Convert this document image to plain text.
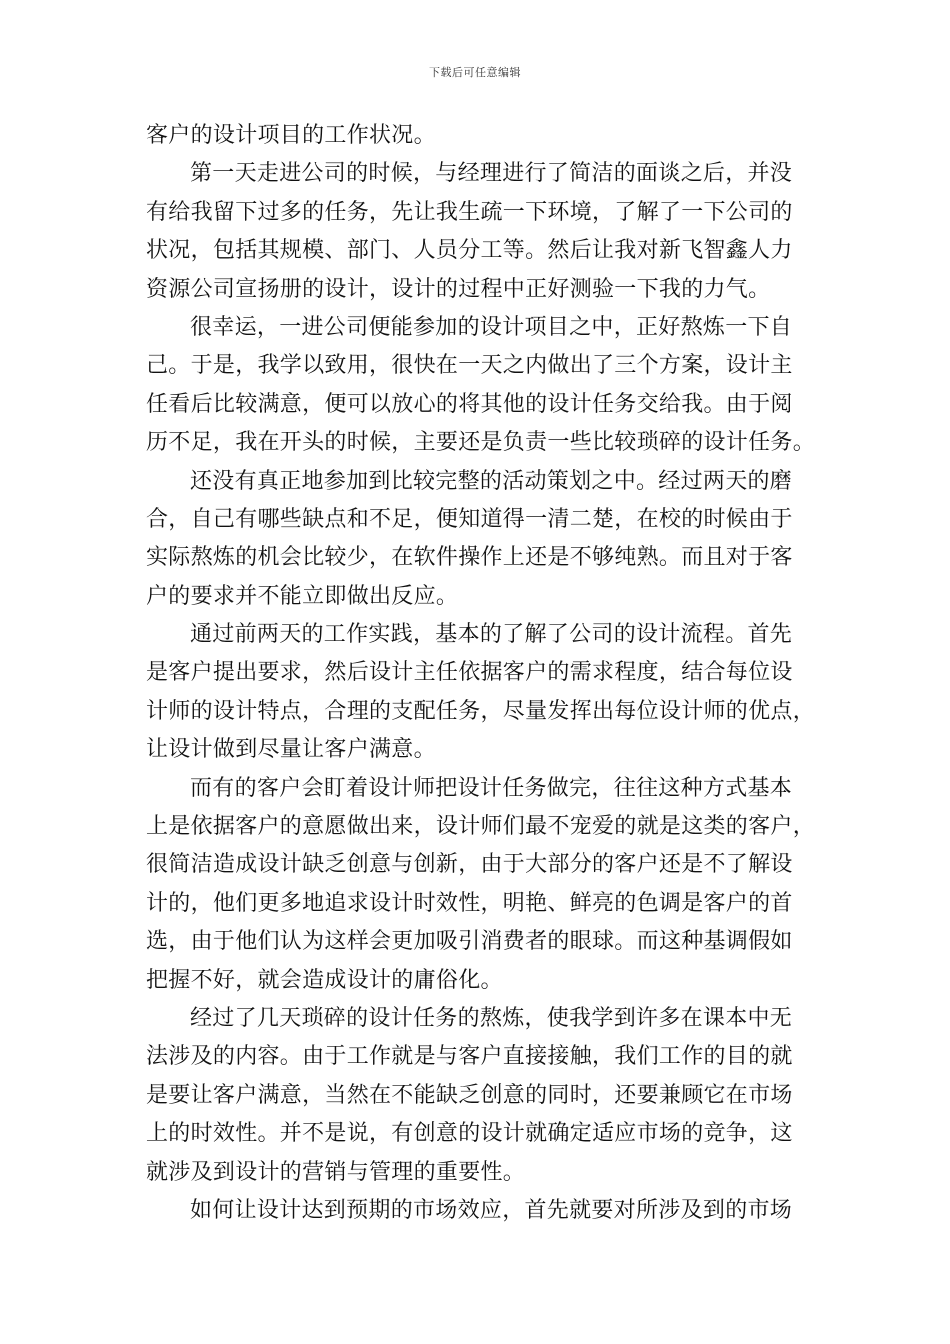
下载后可任意编辑
客户的设计项目的工作状况。
第一天走进公司的时候，与经理进行了简洁的面谈之后，并没
有给我留下过多的任务，先让我生疏一下环境，了解了一下公司的
状况，包括其规模、部门、人员分工等。然后让我对新飞智鑫人力
资源公司宣扬册的设计，设计的过程中正好测验一下我的力气。
很幸运，一进公司便能参加的设计项目之中，正好熬炼一下自
己。于是，我学以致用，很快在一天之内做出了三个方案，设计主
任看后比较满意，便可以放心的将其他的设计任务交给我。由于阅
历不足，我在开头的时候，主要还是负责一些比较琐碎的设计任务。
还没有真正地参加到比较完整的活动策划之中。经过两天的磨
合，自己有哪些缺点和不足，便知道得一清二楚，在校的时候由于
实际熬炼的机会比较少，在软件操作上还是不够纯熟。而且对于客
户的要求并不能立即做出反应。
通过前两天的工作实践，基本的了解了公司的设计流程。首先
是客户提出要求，然后设计主任依据客户的需求程度，结合每位设
计师的设计特点，合理的支配任务，尽量发挥出每位设计师的优点，
让设计做到尽量让客户满意。
而有的客户会盯着设计师把设计任务做完，往往这种方式基本
上是依据客户的意愿做出来，设计师们最不宠爱的就是这类的客户，
很简洁造成设计缺乏创意与创新，由于大部分的客户还是不了解设
计的，他们更多地追求设计时效性，明艳、鲜亮的色调是客户的首
选，由于他们认为这样会更加吸引消费者的眼球。而这种基调假如
把握不好，就会造成设计的庸俗化。
经过了几天琐碎的设计任务的熬炼，使我学到许多在课本中无
法涉及的内容。由于工作就是与客户直接接触，我们工作的目的就
是要让客户满意，当然在不能缺乏创意的同时，还要兼顾它在市场
上的时效性。并不是说，有创意的设计就确定适应市场的竞争，这
就涉及到设计的营销与管理的重要性。
如何让设计达到预期的市场效应，首先就要对所涉及到的市场
